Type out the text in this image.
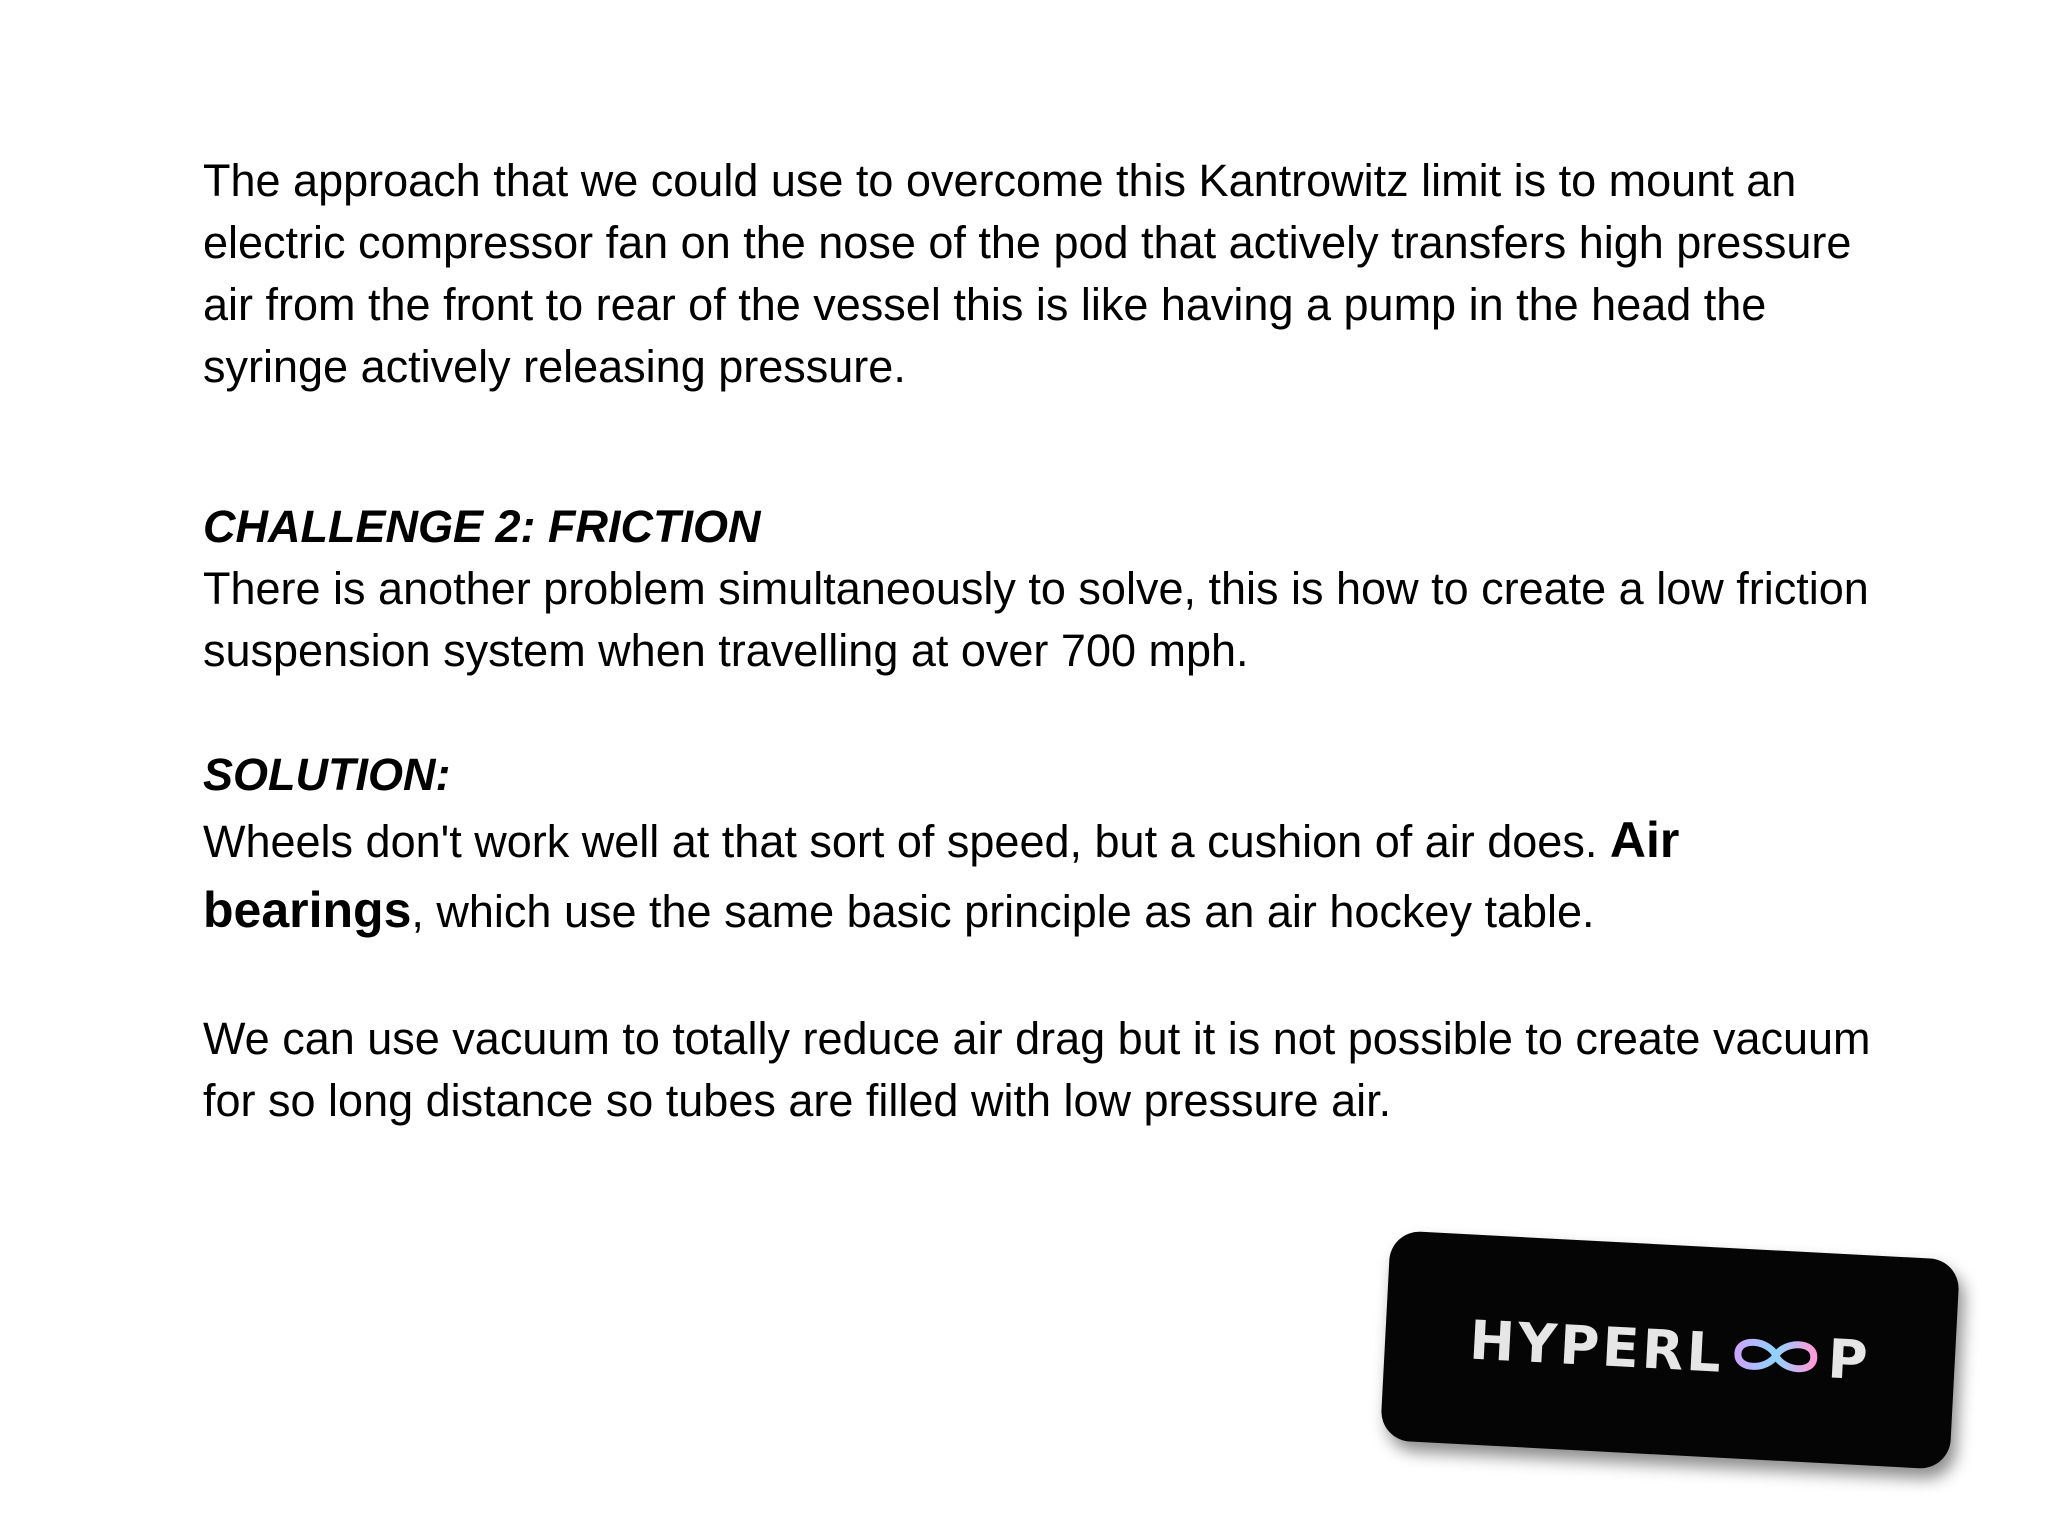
The approach that we could use to overcome this Kantrowitz limit is to mount an electric compressor fan on the nose of the pod that actively transfers high pressure air from the front to rear of the vessel this is like having a pump in the head the syringe actively releasing pressure.

CHALLENGE 2: FRICTION

There is another problem simultaneously to solve, this is how to create a low friction suspension system when travelling at over 700 mph.

SOLUTION:

Wheels don't work well at that sort of speed, but a cushion of air does. Air bearings, which use the same basic principle as an air hockey table.

We can use vacuum to totally reduce air drag but it is not possible to create vacuum for so long distance so tubes are filled with low pressure air.

HYPERL P
